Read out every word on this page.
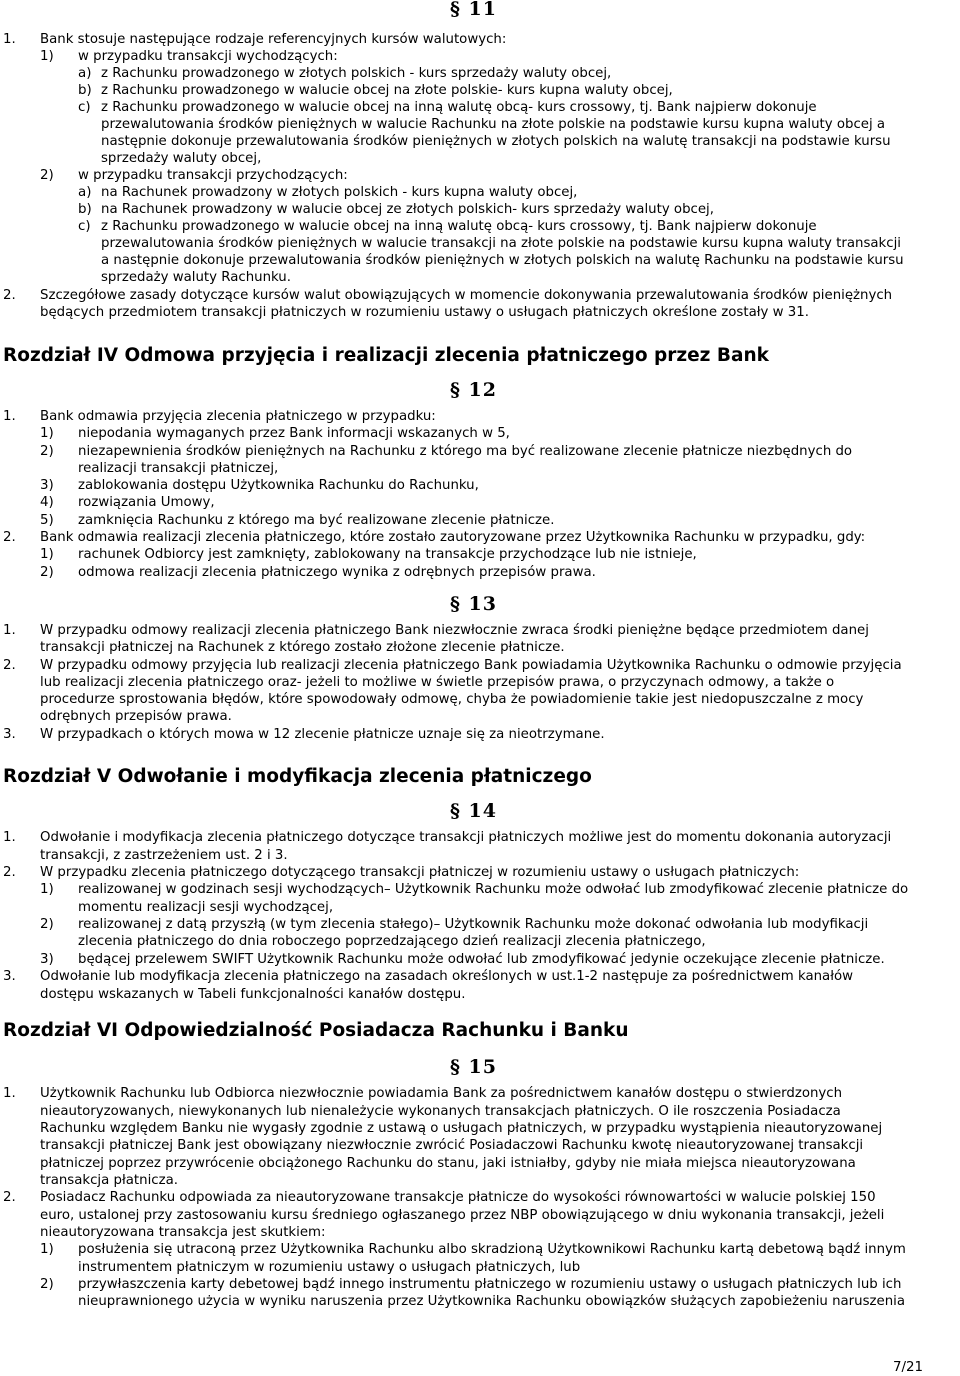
§ 11
1. Bank stosuje następujące rodzaje referencyjnych kursów walutowych:
1) w przypadku transakcji wychodzących:
a) z Rachunku prowadzonego w złotych polskich - kurs sprzedaży waluty obcej,
b) z Rachunku prowadzonego w walucie obcej na złote polskie- kurs kupna waluty obcej,
c) z Rachunku prowadzonego w walucie obcej na inną walutę obcą- kurs crossowy, tj. Bank najpierw dokonuje
przewalutowania środków pieniężnych w walucie Rachunku na złote polskie na podstawie kursu kupna waluty obcej a
następnie dokonuje przewalutowania środków pieniężnych w złotych polskich na walutę transakcji na podstawie kursu
sprzedaży waluty obcej,
2) w przypadku transakcji przychodzących:
a) na Rachunek prowadzony w złotych polskich - kurs kupna waluty obcej,
b) na Rachunek prowadzony w walucie obcej ze złotych polskich- kurs sprzedaży waluty obcej,
c) z Rachunku prowadzonego w walucie obcej na inną walutę obcą- kurs crossowy, tj. Bank najpierw dokonuje
przewalutowania środków pieniężnych w walucie transakcji na złote polskie na podstawie kursu kupna waluty transakcji
a następnie dokonuje przewalutowania środków pieniężnych w złotych polskich na walutę Rachunku na podstawie kursu
sprzedaży waluty Rachunku.
2. Szczegółowe zasady dotyczące kursów walut obowiązujących w momencie dokonywania przewalutowania środków pieniężnych
będących przedmiotem transakcji płatniczych w rozumieniu ustawy o usługach płatniczych określone zostały w 31.
Rozdział IV Odmowa przyjęcia i realizacji zlecenia płatniczego przez Bank
§ 12
1. Bank odmawia przyjęcia zlecenia płatniczego w przypadku:
1) niepodania wymaganych przez Bank informacji wskazanych w 5,
2) niezapewnienia środków pieniężnych na Rachunku z którego ma być realizowane zlecenie płatnicze niezbędnych do
realizacji transakcji płatniczej,
3) zablokowania dostępu Użytkownika Rachunku do Rachunku,
4) rozwiązania Umowy,
5) zamknięcia Rachunku z którego ma być realizowane zlecenie płatnicze.
2. Bank odmawia realizacji zlecenia płatniczego, które zostało zautoryzowane przez Użytkownika Rachunku w przypadku, gdy:
1) rachunek Odbiorcy jest zamknięty, zablokowany na transakcje przychodzące lub nie istnieje,
2) odmowa realizacji zlecenia płatniczego wynika z odrębnych przepisów prawa.
§ 13
1. W przypadku odmowy realizacji zlecenia płatniczego Bank niezwłocznie zwraca środki pieniężne będące przedmiotem danej
transakcji płatniczej na Rachunek z którego zostało złożone zlecenie płatnicze.
2. W przypadku odmowy przyjęcia lub realizacji zlecenia płatniczego Bank powiadamia Użytkownika Rachunku o odmowie przyjęcia
lub realizacji zlecenia płatniczego oraz- jeżeli to możliwe w świetle przepisów prawa, o przyczynach odmowy, a także o
procedurze sprostowania błędów, które spowodowały odmowę, chyba że powiadomienie takie jest niedopuszczalne z mocy
odrębnych przepisów prawa.
3. W przypadkach o których mowa w 12 zlecenie płatnicze uznaje się za nieotrzymane.
Rozdział V Odwołanie i modyfikacja zlecenia płatniczego
§ 14
1. Odwołanie i modyfikacja zlecenia płatniczego dotyczące transakcji płatniczych możliwe jest do momentu dokonania autoryzacji
transakcji, z zastrzeżeniem ust. 2 i 3.
2. W przypadku zlecenia płatniczego dotyczącego transakcji płatniczej w rozumieniu ustawy o usługach płatniczych:
1) realizowanej w godzinach sesji wychodzących– Użytkownik Rachunku może odwołać lub zmodyfikować zlecenie płatnicze do
momentu realizacji sesji wychodzącej,
2) realizowanej z datą przyszłą (w tym zlecenia stałego)– Użytkownik Rachunku może dokonać odwołania lub modyfikacji
zlecenia płatniczego do dnia roboczego poprzedzającego dzień realizacji zlecenia płatniczego,
3) będącej przelewem SWIFT Użytkownik Rachunku może odwołać lub zmodyfikować jedynie oczekujące zlecenie płatnicze.
3. Odwołanie lub modyfikacja zlecenia płatniczego na zasadach określonych w ust.1-2 następuje za pośrednictwem kanałów
dostępu wskazanych w Tabeli funkcjonalności kanałów dostępu.
Rozdział VI Odpowiedzialność Posiadacza Rachunku i Banku
§ 15
1. Użytkownik Rachunku lub Odbiorca niezwłocznie powiadamia Bank za pośrednictwem kanałów dostępu o stwierdzonych
nieautoryzowanych, niewykonanych lub nienależycie wykonanych transakcjach płatniczych. O ile roszczenia Posiadacza
Rachunku względem Banku nie wygasły zgodnie z ustawą o usługach płatniczych, w przypadku wystąpienia nieautoryzowanej
transakcji płatniczej Bank jest obowiązany niezwłocznie zwrócić Posiadaczowi Rachunku kwotę nieautoryzowanej transakcji
płatniczej poprzez przywrócenie obciążonego Rachunku do stanu, jaki istniałby, gdyby nie miała miejsca nieautoryzowana
transakcja płatnicza.
2. Posiadacz Rachunku odpowiada za nieautoryzowane transakcje płatnicze do wysokości równowartości w walucie polskiej 150
euro, ustalonej przy zastosowaniu kursu średniego ogłaszanego przez NBP obowiązującego w dniu wykonania transakcji, jeżeli
nieautoryzowana transakcja jest skutkiem:
1) posłużenia się utraconą przez Użytkownika Rachunku albo skradzioną Użytkownikowi Rachunku kartą debetową bądź innym
instrumentem płatniczym w rozumieniu ustawy o usługach płatniczych, lub
2) przywłaszczenia karty debetowej bądź innego instrumentu płatniczego w rozumieniu ustawy o usługach płatniczych lub ich
nieuprawnionego użycia w wyniku naruszenia przez Użytkownika Rachunku obowiązków służących zapobieżeniu naruszenia
7/21
